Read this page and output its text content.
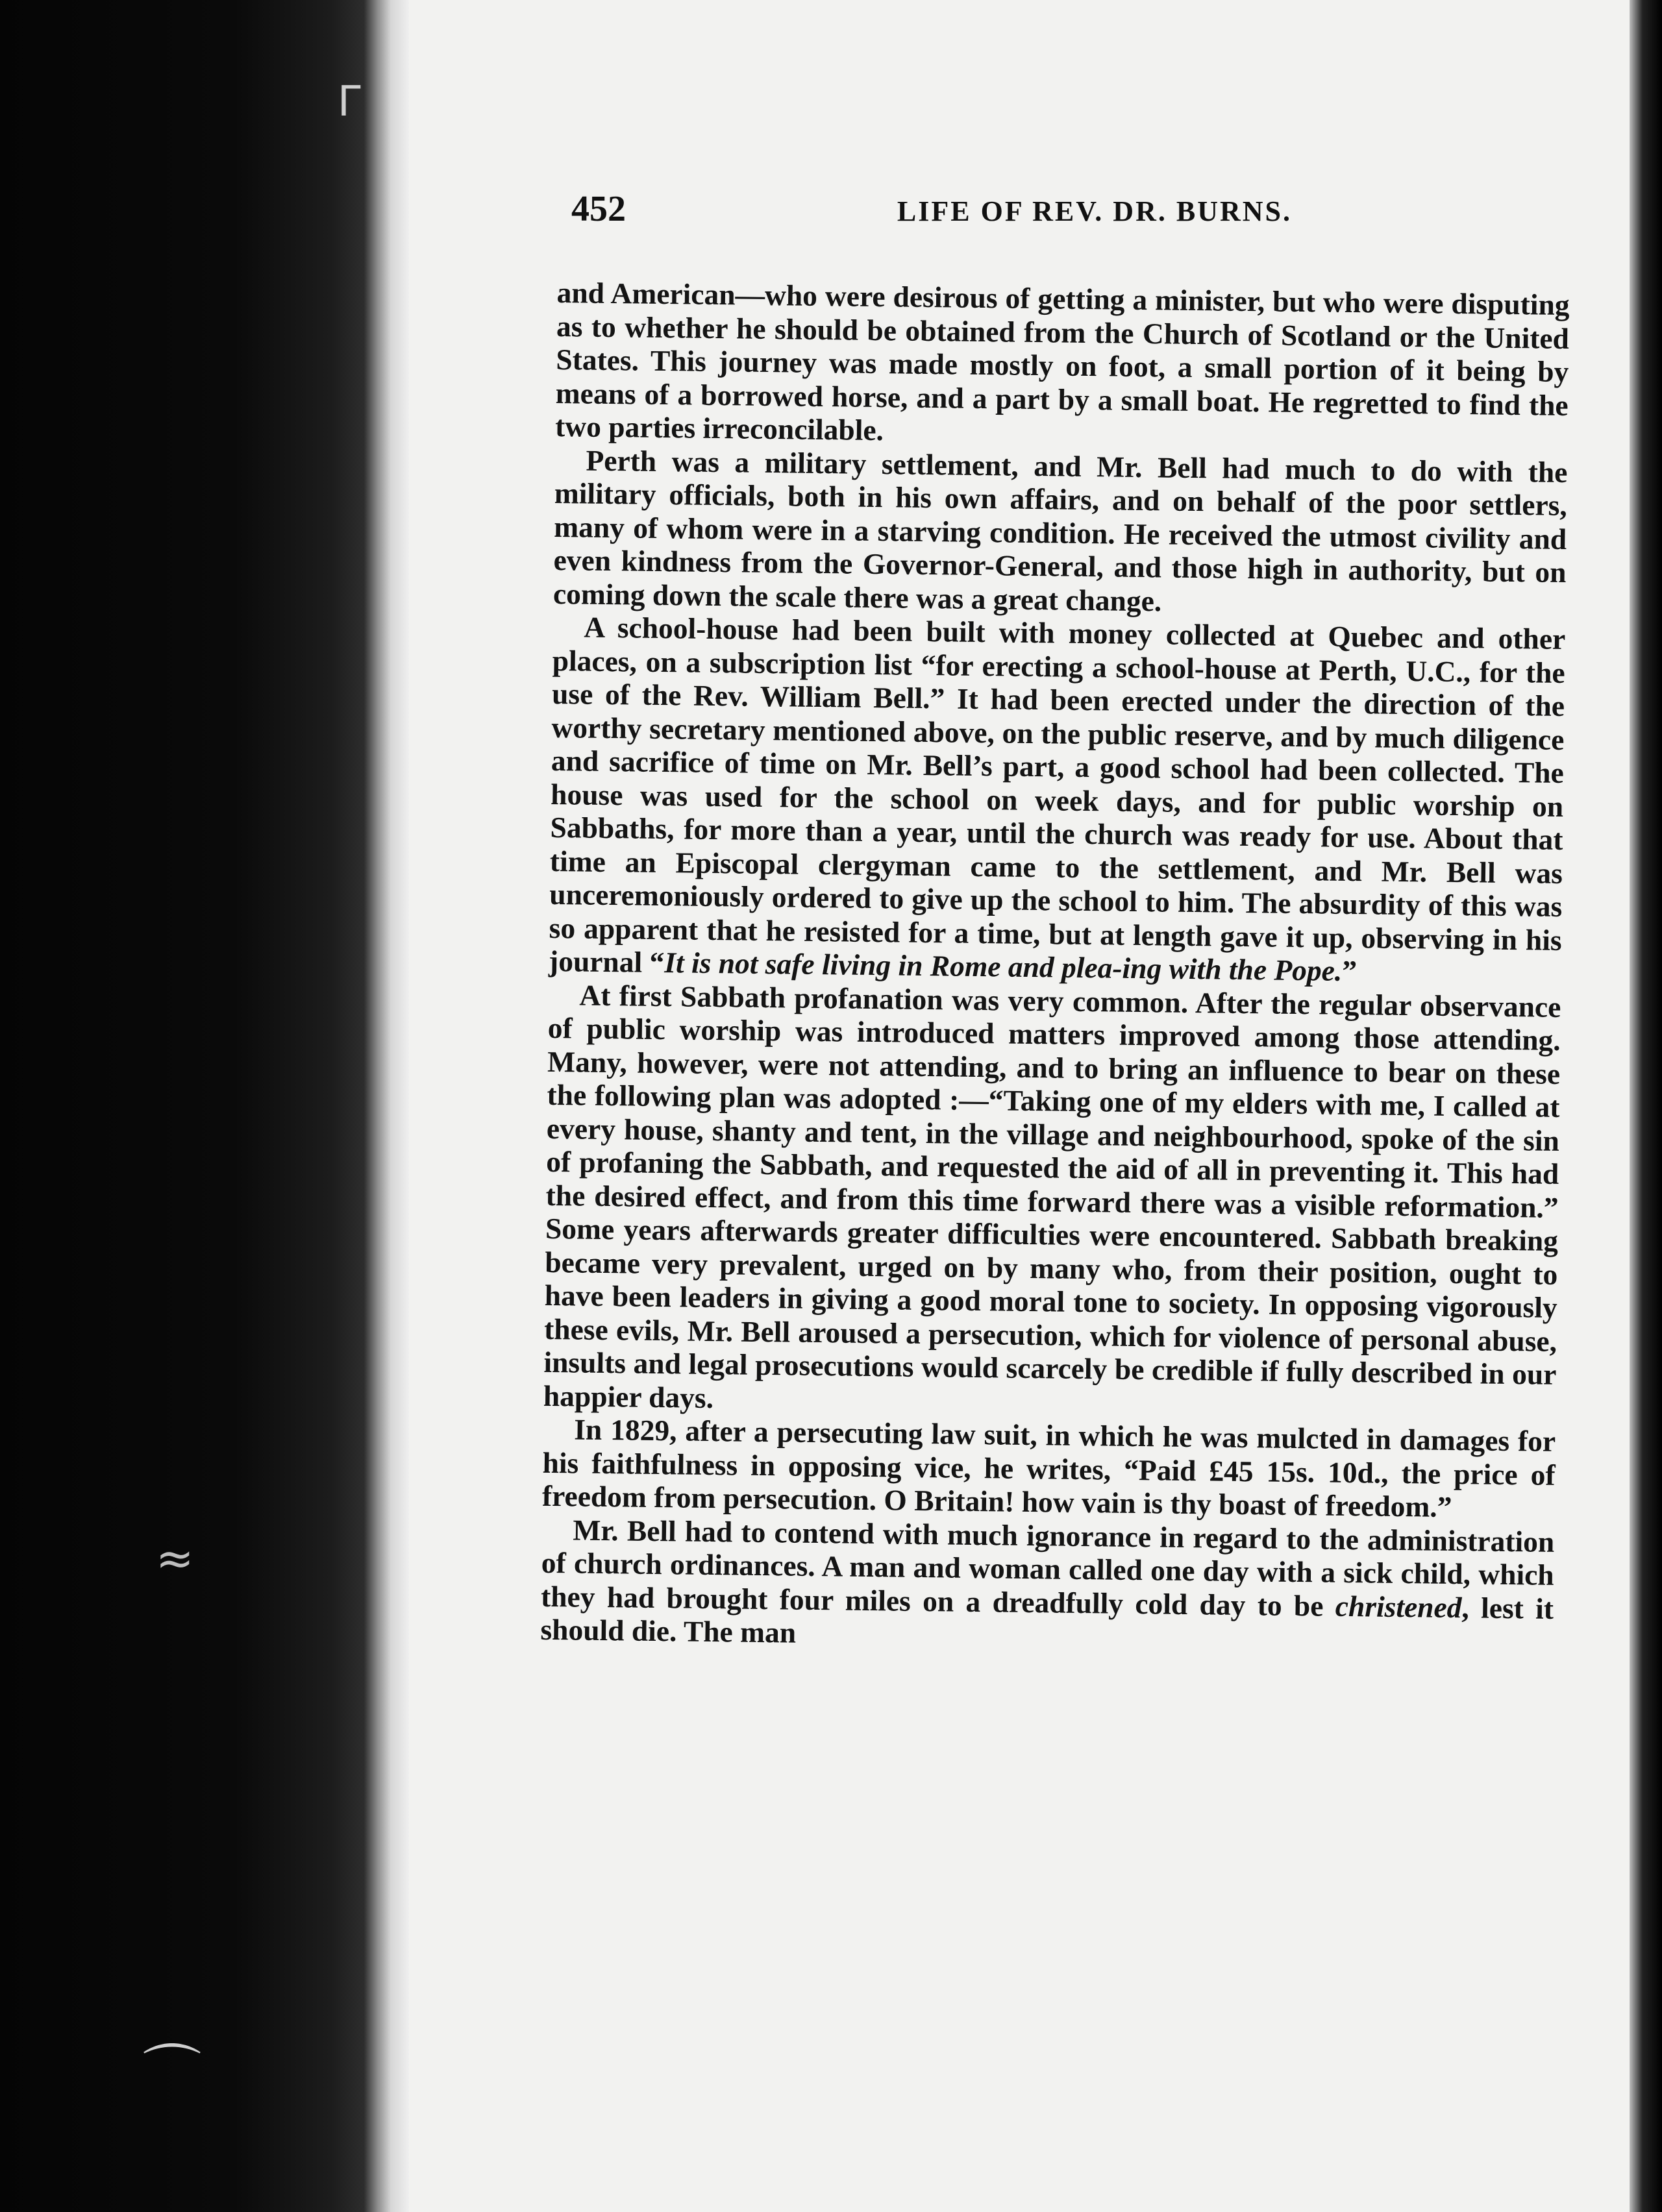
Γ
≈
⌒
452	LIFE OF REV. DR. BURNS.

and American—who were desirous of getting a minister, but who were disputing as to whether he should be obtained from the Church of Scotland or the United States. This journey was made mostly on foot, a small portion of it being by means of a borrowed horse, and a part by a small boat. He regretted to find the two parties irreconcilable.

Perth was a military settlement, and Mr. Bell had much to do with the military officials, both in his own affairs, and on behalf of the poor settlers, many of whom were in a starving condition. He received the utmost civility and even kindness from the Governor-General, and those high in authority, but on coming down the scale there was a great change.

A school-house had been built with money collected at Quebec and other places, on a subscription list “for erecting a school-house at Perth, U.C., for the use of the Rev. William Bell.” It had been erected under the direction of the worthy secretary mentioned above, on the public reserve, and by much diligence and sacrifice of time on Mr. Bell’s part, a good school had been collected. The house was used for the school on week days, and for public worship on Sabbaths, for more than a year, until the church was ready for use. About that time an Episcopal clergyman came to the settlement, and Mr. Bell was unceremoniously ordered to give up the school to him. The absurdity of this was so apparent that he resisted for a time, but at length gave it up, observing in his journal “It is not safe living in Rome and plea-ing with the Pope.”

At first Sabbath profanation was very common. After the regular observance of public worship was introduced matters improved among those attending. Many, however, were not attending, and to bring an influence to bear on these the following plan was adopted :—“Taking one of my elders with me, I called at every house, shanty and tent, in the village and neighbourhood, spoke of the sin of profaning the Sabbath, and requested the aid of all in preventing it. This had the desired effect, and from this time forward there was a visible reformation.” Some years afterwards greater difficulties were encountered. Sabbath breaking became very prevalent, urged on by many who, from their position, ought to have been leaders in giving a good moral tone to society. In opposing vigorously these evils, Mr. Bell aroused a persecution, which for violence of personal abuse, insults and legal prosecutions would scarcely be credible if fully described in our happier days.

In 1829, after a persecuting law suit, in which he was mulcted in damages for his faithfulness in opposing vice, he writes, “Paid £45 15s. 10d., the price of freedom from persecution. O Britain! how vain is thy boast of freedom.”

Mr. Bell had to contend with much ignorance in regard to the administration of church ordinances. A man and woman called one day with a sick child, which they had brought four miles on a dreadfully cold day to be christened, lest it should die. The man
